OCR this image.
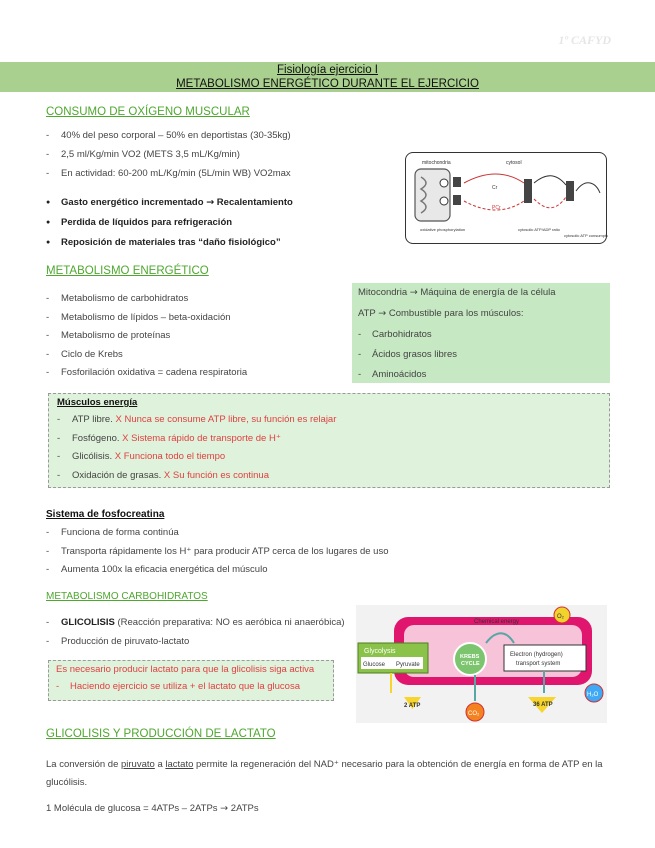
1º CAFYD
Fisiología ejercicio I
METABOLISMO ENERGÉTICO DURANTE EL EJERCICIO
CONSUMO DE OXÍGENO MUSCULAR
- 40% del peso corporal – 50% en deportistas (30-35kg)
- 2,5 ml/Kg/min VO2 (METS 3,5 mL/Kg/min)
- En actividad: 60-200 mL/Kg/min (5L/min WB) VO2max
● Gasto energético incrementado → Recalentamiento
● Perdida de líquidos para refrigeración
● Reposición de materiales tras “daño fisiológico”
mitochondria	cytosol
Cr
PCr
oxidative phosphorylation	cytosolic ATP/ADP ratio
cytosolic ATP consumption
METABOLISMO ENERGÉTICO
- Metabolismo de carbohidratos
- Metabolismo de lípidos – beta-oxidación
- Metabolismo de proteínas
- Ciclo de Krebs
- Fosforilación oxidativa = cadena respiratoria

Mitocondria → Máquina de energía de la célula

ATP → Combustible para los músculos:

- Carbohidratos
- Ácidos grasos libres
- Aminoácidos
Músculos energía
- ATP libre. X Nunca se consume ATP libre, su función es relajar
- Fosfógeno. X Sistema rápido de transporte de H⁺
- Glicólisis. X Funciona todo el tiempo
- Oxidación de grasas. X Su función es continua
Sistema de fosfocreatina
- Funciona de forma continúa
- Transporta rápidamente los H⁺ para producir ATP cerca de los lugares de uso
- Aumenta 100x la eficacia energética del músculo
METABOLISMO CARBOHIDRATOS
- GLICOLISIS (Reacción preparativa: NO es aeróbica ni anaeróbica)
- Producción de piruvato-lactato

Es necesario producir lactato para que la glicolisis siga activa

- Haciendo ejercicio se utiliza + el lactato que la glucosa
Glycolysis
Glucose Pyruvate
KREBS
CYCLE
Electron (hydrogen)
transport system
Chemical energy
O₂
H₂O
CO₂
2 ATP	36 ATP
GLICOLISIS Y PRODUCCIÓN DE LACTATO
La conversión de piruvato a lactato permite la regeneración del NAD⁺ necesario para la obtención de energía en forma de ATP en la
glucólisis.
1 Molécula de glucosa = 4ATPs – 2ATPs → 2ATPs
